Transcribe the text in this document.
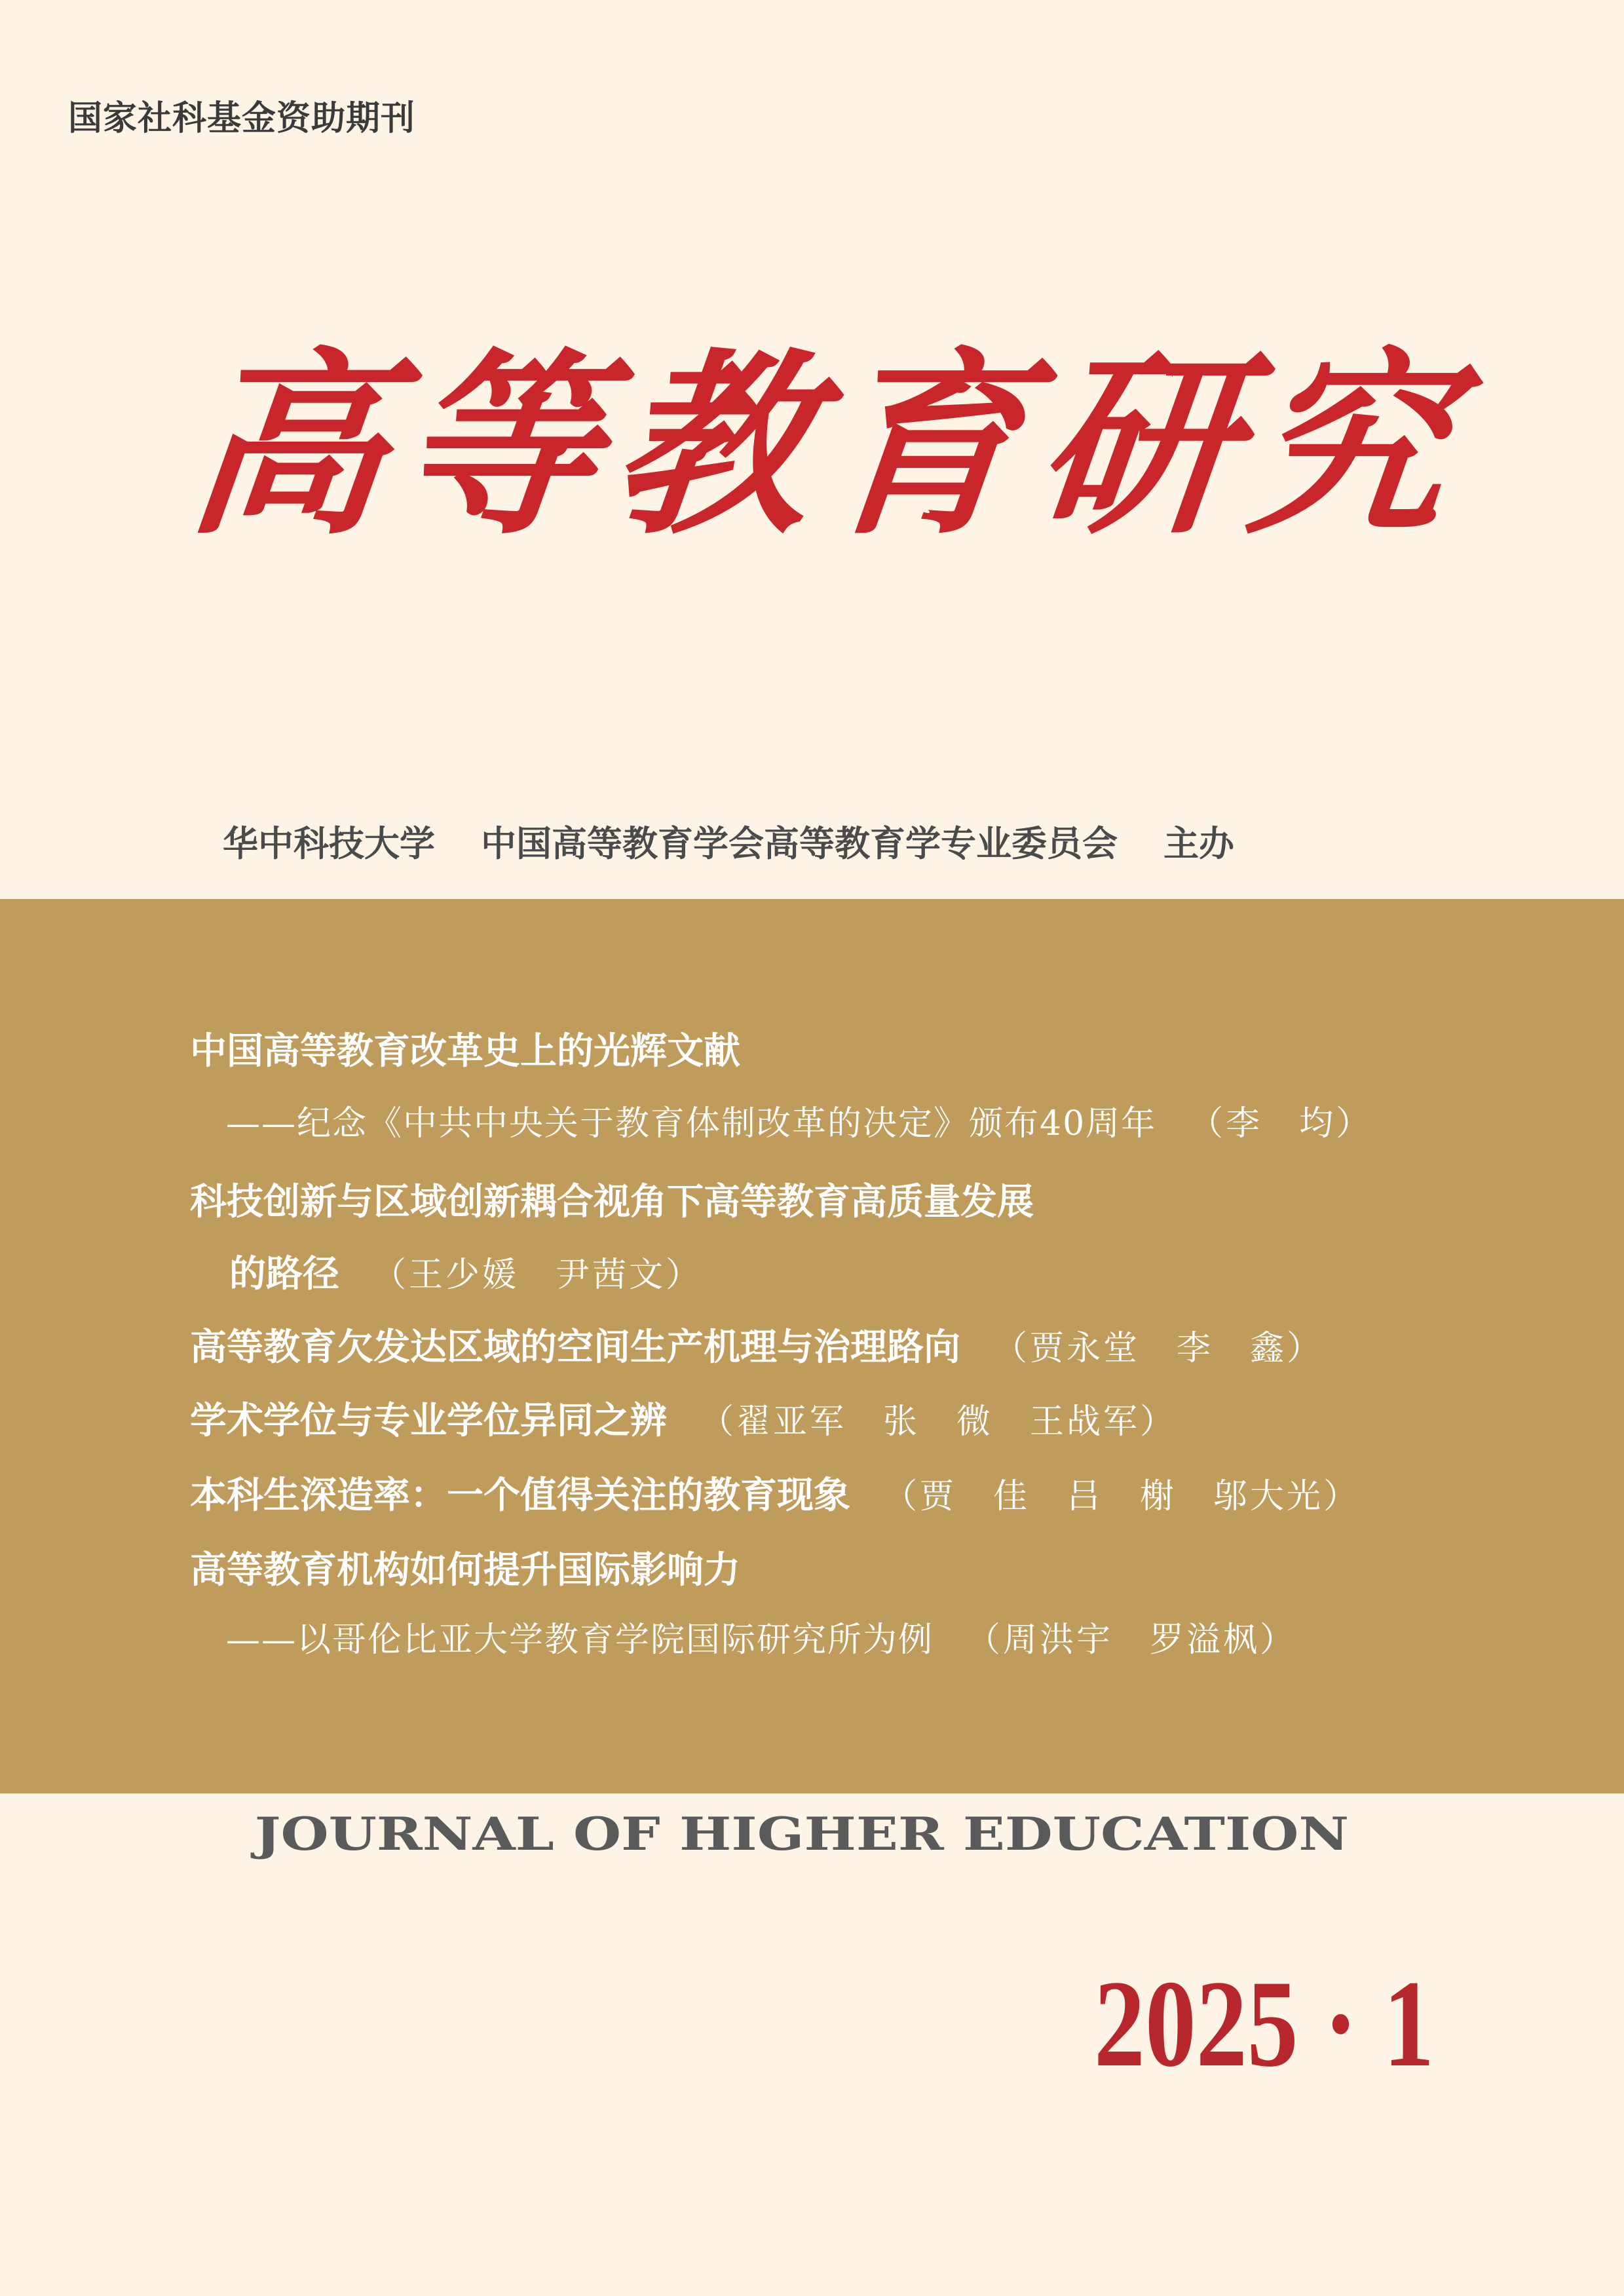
国家社科基金资助期刊
高等教育研究
华中科技大学 中国高等教育学会高等教育学专业委员会 主办
中国高等教育改革史上的光辉文献
——纪念《中共中央关于教育体制改革的决定》颁布40周年 （李　均）
科技创新与区域创新耦合视角下高等教育高质量发展
的路径 （王少媛　尹茜文）
高等教育欠发达区域的空间生产机理与治理路向 （贾永堂　李　鑫）
学术学位与专业学位异同之辨 （翟亚军　张　微　王战军）
本科生深造率：一个值得关注的教育现象 （贾　佳　吕　榭　邬大光）
高等教育机构如何提升国际影响力
——以哥伦比亚大学教育学院国际研究所为例 （周洪宇　罗溢枫）
JOURNAL OF HIGHER EDUCATION
2025 · 1
